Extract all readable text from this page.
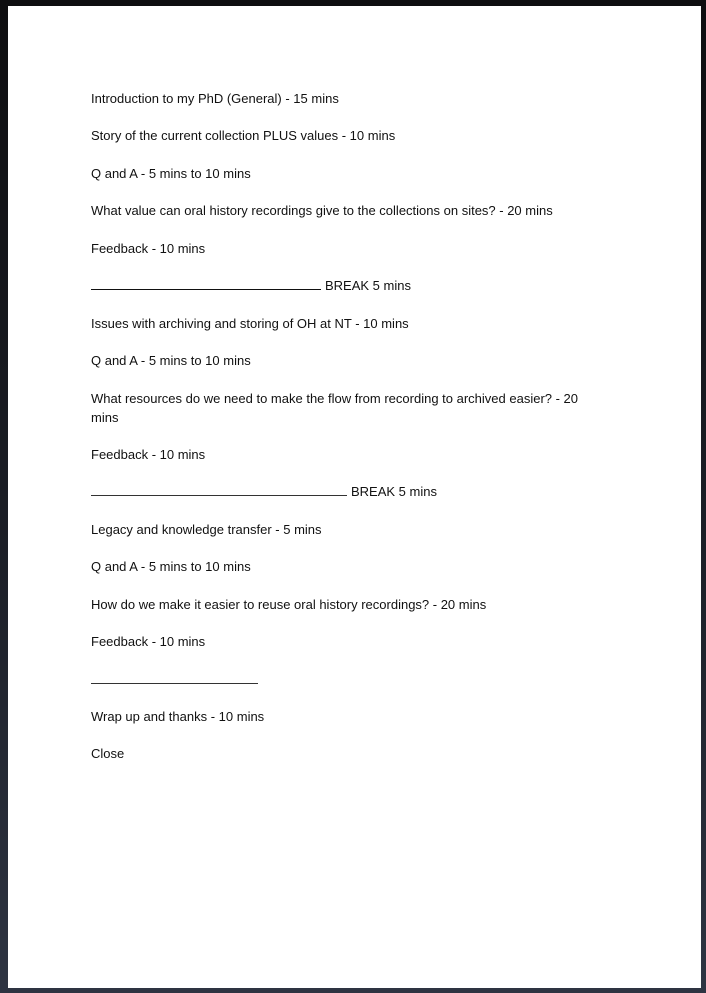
Introduction to my PhD (General) - 15 mins
Story of the current collection PLUS values - 10 mins
Q and A - 5 mins to 10 mins
What value can oral history recordings give to the collections on sites? - 20 mins
Feedback - 10 mins
BREAK 5 mins
Issues with archiving and storing of OH at NT - 10 mins
Q and A - 5 mins to 10 mins
What resources do we need to make the flow from recording to archived easier? - 20 mins
Feedback - 10 mins
BREAK 5 mins
Legacy and knowledge transfer - 5 mins
Q and A - 5 mins to 10 mins
How do we make it easier to reuse oral history recordings? - 20 mins
Feedback - 10 mins
Wrap up and thanks - 10 mins
Close
